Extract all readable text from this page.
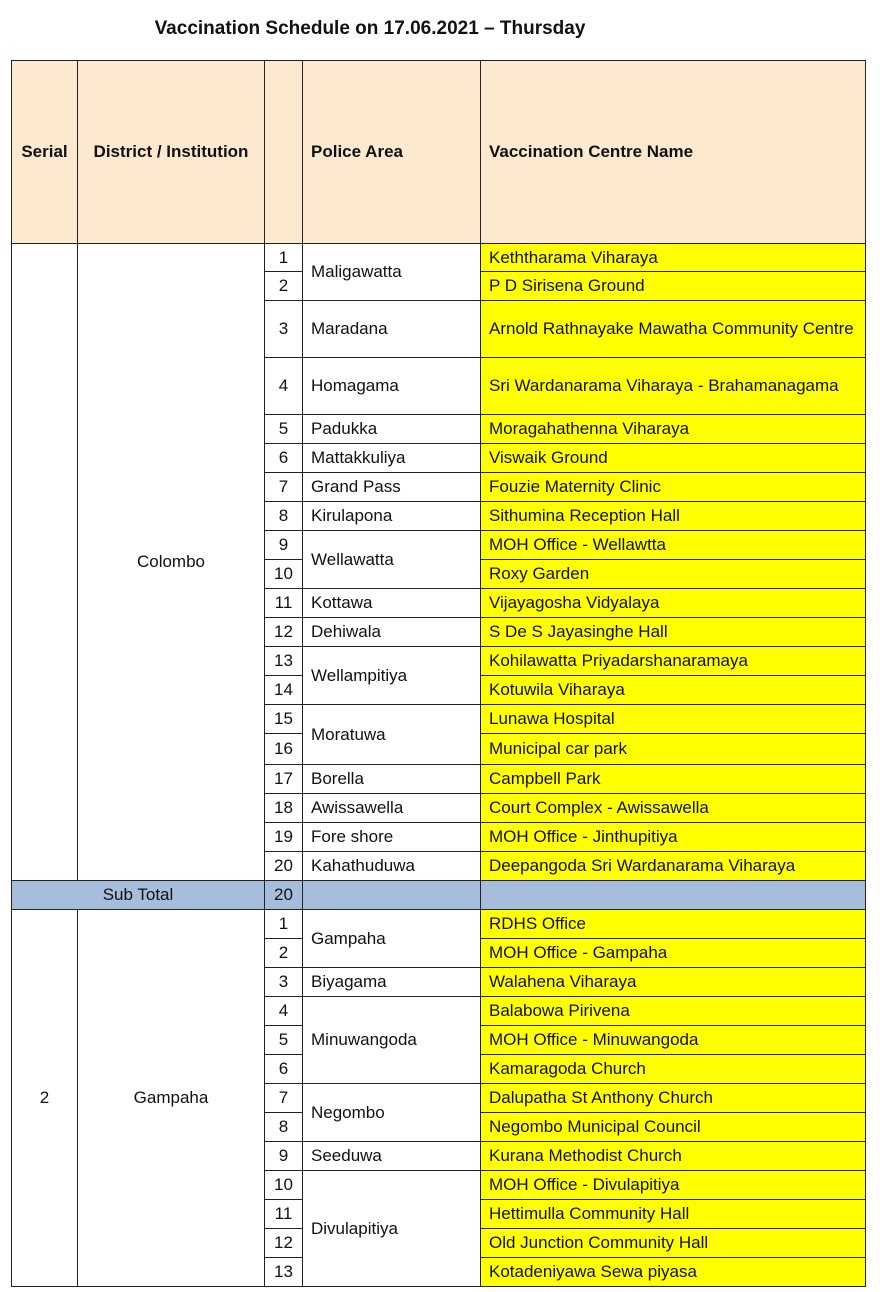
Vaccination Schedule on 17.06.2021 – Thursday
Serial	District / Institution		Police Area	Vaccination Centre Name
	Colombo	1	Maligawatta	Keththarama Viharaya
		2		P D Sirisena Ground
		3	Maradana	Arnold Rathnayake Mawatha Community Centre
		4	Homagama	Sri Wardanarama Viharaya - Brahamanagama
		5	Padukka	Moragahathenna Viharaya
		6	Mattakkuliya	Viswaik Ground
		7	Grand Pass	Fouzie Maternity Clinic
		8	Kirulapona	Sithumina Reception Hall
		9	Wellawatta	MOH Office - Wellawtta
		10		Roxy Garden
		11	Kottawa	Vijayagosha Vidyalaya
		12	Dehiwala	S De S Jayasinghe Hall
		13	Wellampitiya	Kohilawatta Priyadarshanaramaya
		14		Kotuwila Viharaya
		15	Moratuwa	Lunawa Hospital
		16		Municipal car park
		17	Borella	Campbell Park
		18	Awissawella	Court Complex - Awissawella
		19	Fore shore	MOH Office - Jinthupitiya
		20	Kahathuduwa	Deepangoda Sri Wardanarama Viharaya
Sub Total		20		
2	Gampaha	1	Gampaha	RDHS Office
		2		MOH Office - Gampaha
		3	Biyagama	Walahena Viharaya
		4	Minuwangoda	Balabowa Pirivena
		5		MOH Office - Minuwangoda
		6		Kamaragoda Church
		7	Negombo	Dalupatha St Anthony Church
		8		Negombo Municipal Council
		9	Seeduwa	Kurana Methodist Church
		10	Divulapitiya	MOH Office - Divulapitiya
		11		Hettimulla Community Hall
		12		Old Junction Community Hall
		13		Kotadeniyawa Sewa piyasa
